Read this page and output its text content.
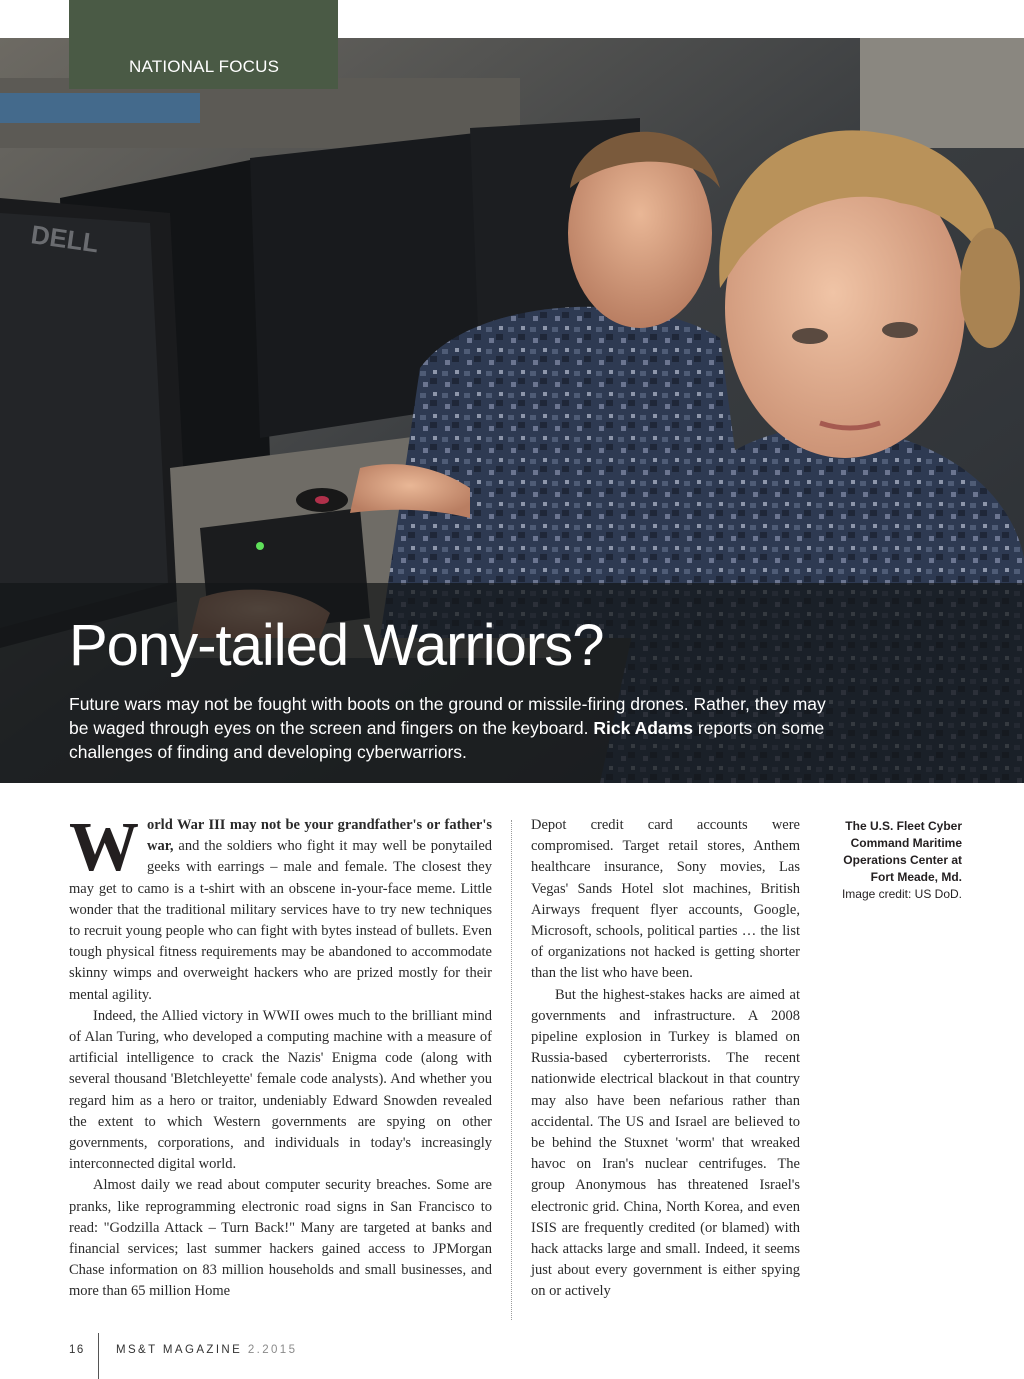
DELL
NATIONAL FOCUS
Pony-tailed Warriors?

Future wars may not be fought with boots on the ground or missile-firing drones. Rather, they may be waged through eyes on the screen and fingers on the keyboard. Rick Adams reports on some challenges of finding and developing cyberwarriors.

World War III may not be your grandfather's or father's war, and the soldiers who fight it may well be ponytailed geeks with earrings – male and female. The closest they may get to camo is a t-shirt with an obscene in-your-face meme. Little wonder that the traditional military services have to try new techniques to recruit young people who can fight with bytes instead of bullets. Even tough physical fitness requirements may be abandoned to accommodate skinny wimps and overweight hackers who are prized mostly for their mental agility.

Indeed, the Allied victory in WWII owes much to the brilliant mind of Alan Turing, who developed a computing machine with a measure of artificial intelligence to crack the Nazis' Enigma code (along with several thousand 'Bletchleyette' female code analysts). And whether you regard him as a hero or traitor, undeniably Edward Snowden revealed the extent to which Western governments are spying on other governments, corporations, and individuals in today's increasingly interconnected digital world.

Almost daily we read about computer security breaches. Some are pranks, like reprogramming electronic road signs in San Francisco to read: "Godzilla Attack – Turn Back!" Many are targeted at banks and financial services; last summer hackers gained access to JPMorgan Chase information on 83 million households and small businesses, and more than 65 million Home

Depot credit card accounts were compromised. Target retail stores, Anthem healthcare insurance, Sony movies, Las Vegas' Sands Hotel slot machines, British Airways frequent flyer accounts, Google, Microsoft, schools, political parties … the list of organizations not hacked is getting shorter than the list who have been.

But the highest-stakes hacks are aimed at governments and infrastructure. A 2008 pipeline explosion in Turkey is blamed on Russia-based cyberterrorists. The recent nationwide electrical blackout in that country may also have been nefarious rather than accidental. The US and Israel are believed to be behind the Stuxnet 'worm' that wreaked havoc on Iran's nuclear centrifuges. The group Anonymous has threatened Israel's electronic grid. China, North Korea, and even ISIS are frequently credited (or blamed) with hack attacks large and small. Indeed, it seems just about every government is either spying on or actively

The U.S. Fleet Cyber Command Maritime Operations Center at Fort Meade, Md.
Image credit: US DoD.
16	MS&T MAGAZINE 2.2015
